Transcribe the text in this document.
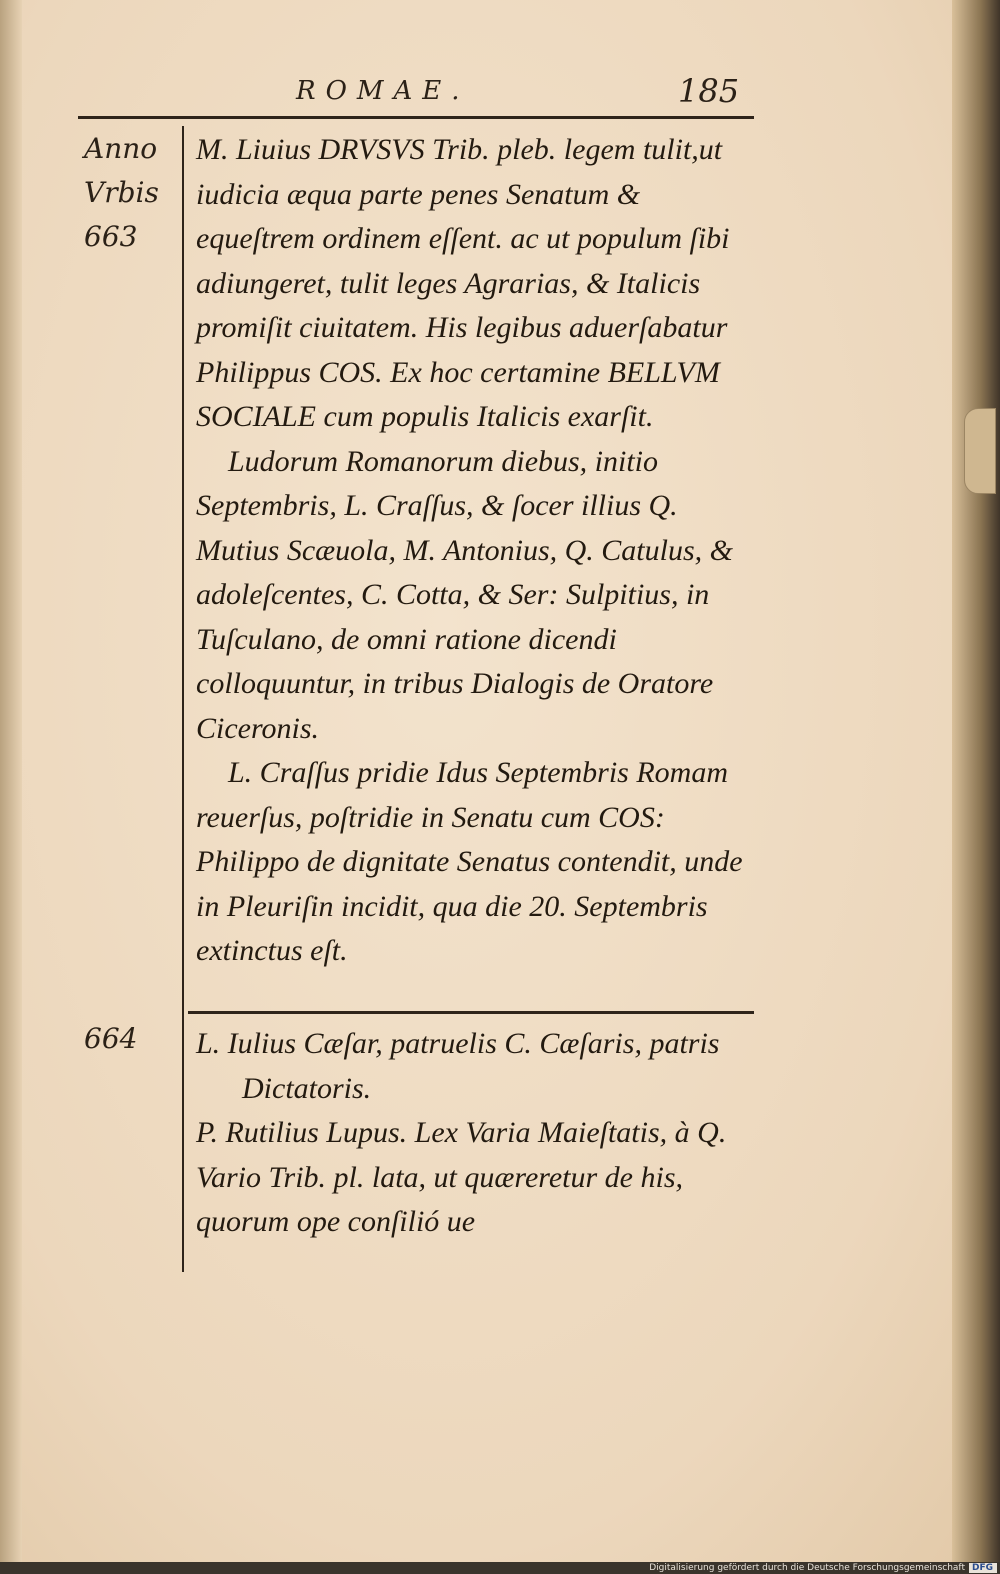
ROMAE.	185
Anno
Vrbis
663
664

M. Liuius DRVSVS Trib. pleb. legem tulit,ut iudicia æqua parte penes Senatum & equeſtrem ordinem eſſent. ac ut populum ſibi adiungeret, tulit leges Agrarias, & Italicis promiſit ciuitatem. His legibus aduerſabatur Philippus COS. Ex hoc certamine BELLVM SOCIALE cum populis Italicis exarſit.

Ludorum Romanorum diebus, initio Septembris, L. Craſſus, & ſocer illius Q. Mutius Scæuola, M. Antonius, Q. Catulus, & adoleſcentes, C. Cotta, & Ser: Sulpitius, in Tuſculano, de omni ratione dicendi colloquuntur, in tribus Dialogis de Oratore Ciceronis.

L. Craſſus pridie Idus Septembris Romam reuerſus, poſtridie in Senatu cum COS: Philippo de dignitate Senatus contendit, unde in Pleuriſin incidit, qua die 20. Septembris extinctus eſt.

L. Iulius Cæſar, patruelis C. Cæſaris, patris Dictatoris.

P. Rutilius Lupus. Lex Varia Maieſtatis, à Q. Vario Trib. pl. lata, ut quæreretur de his, quorum ope conſilió ue

Digitalisierung gefördert durch die Deutsche Forschungsgemeinschaft DFG
